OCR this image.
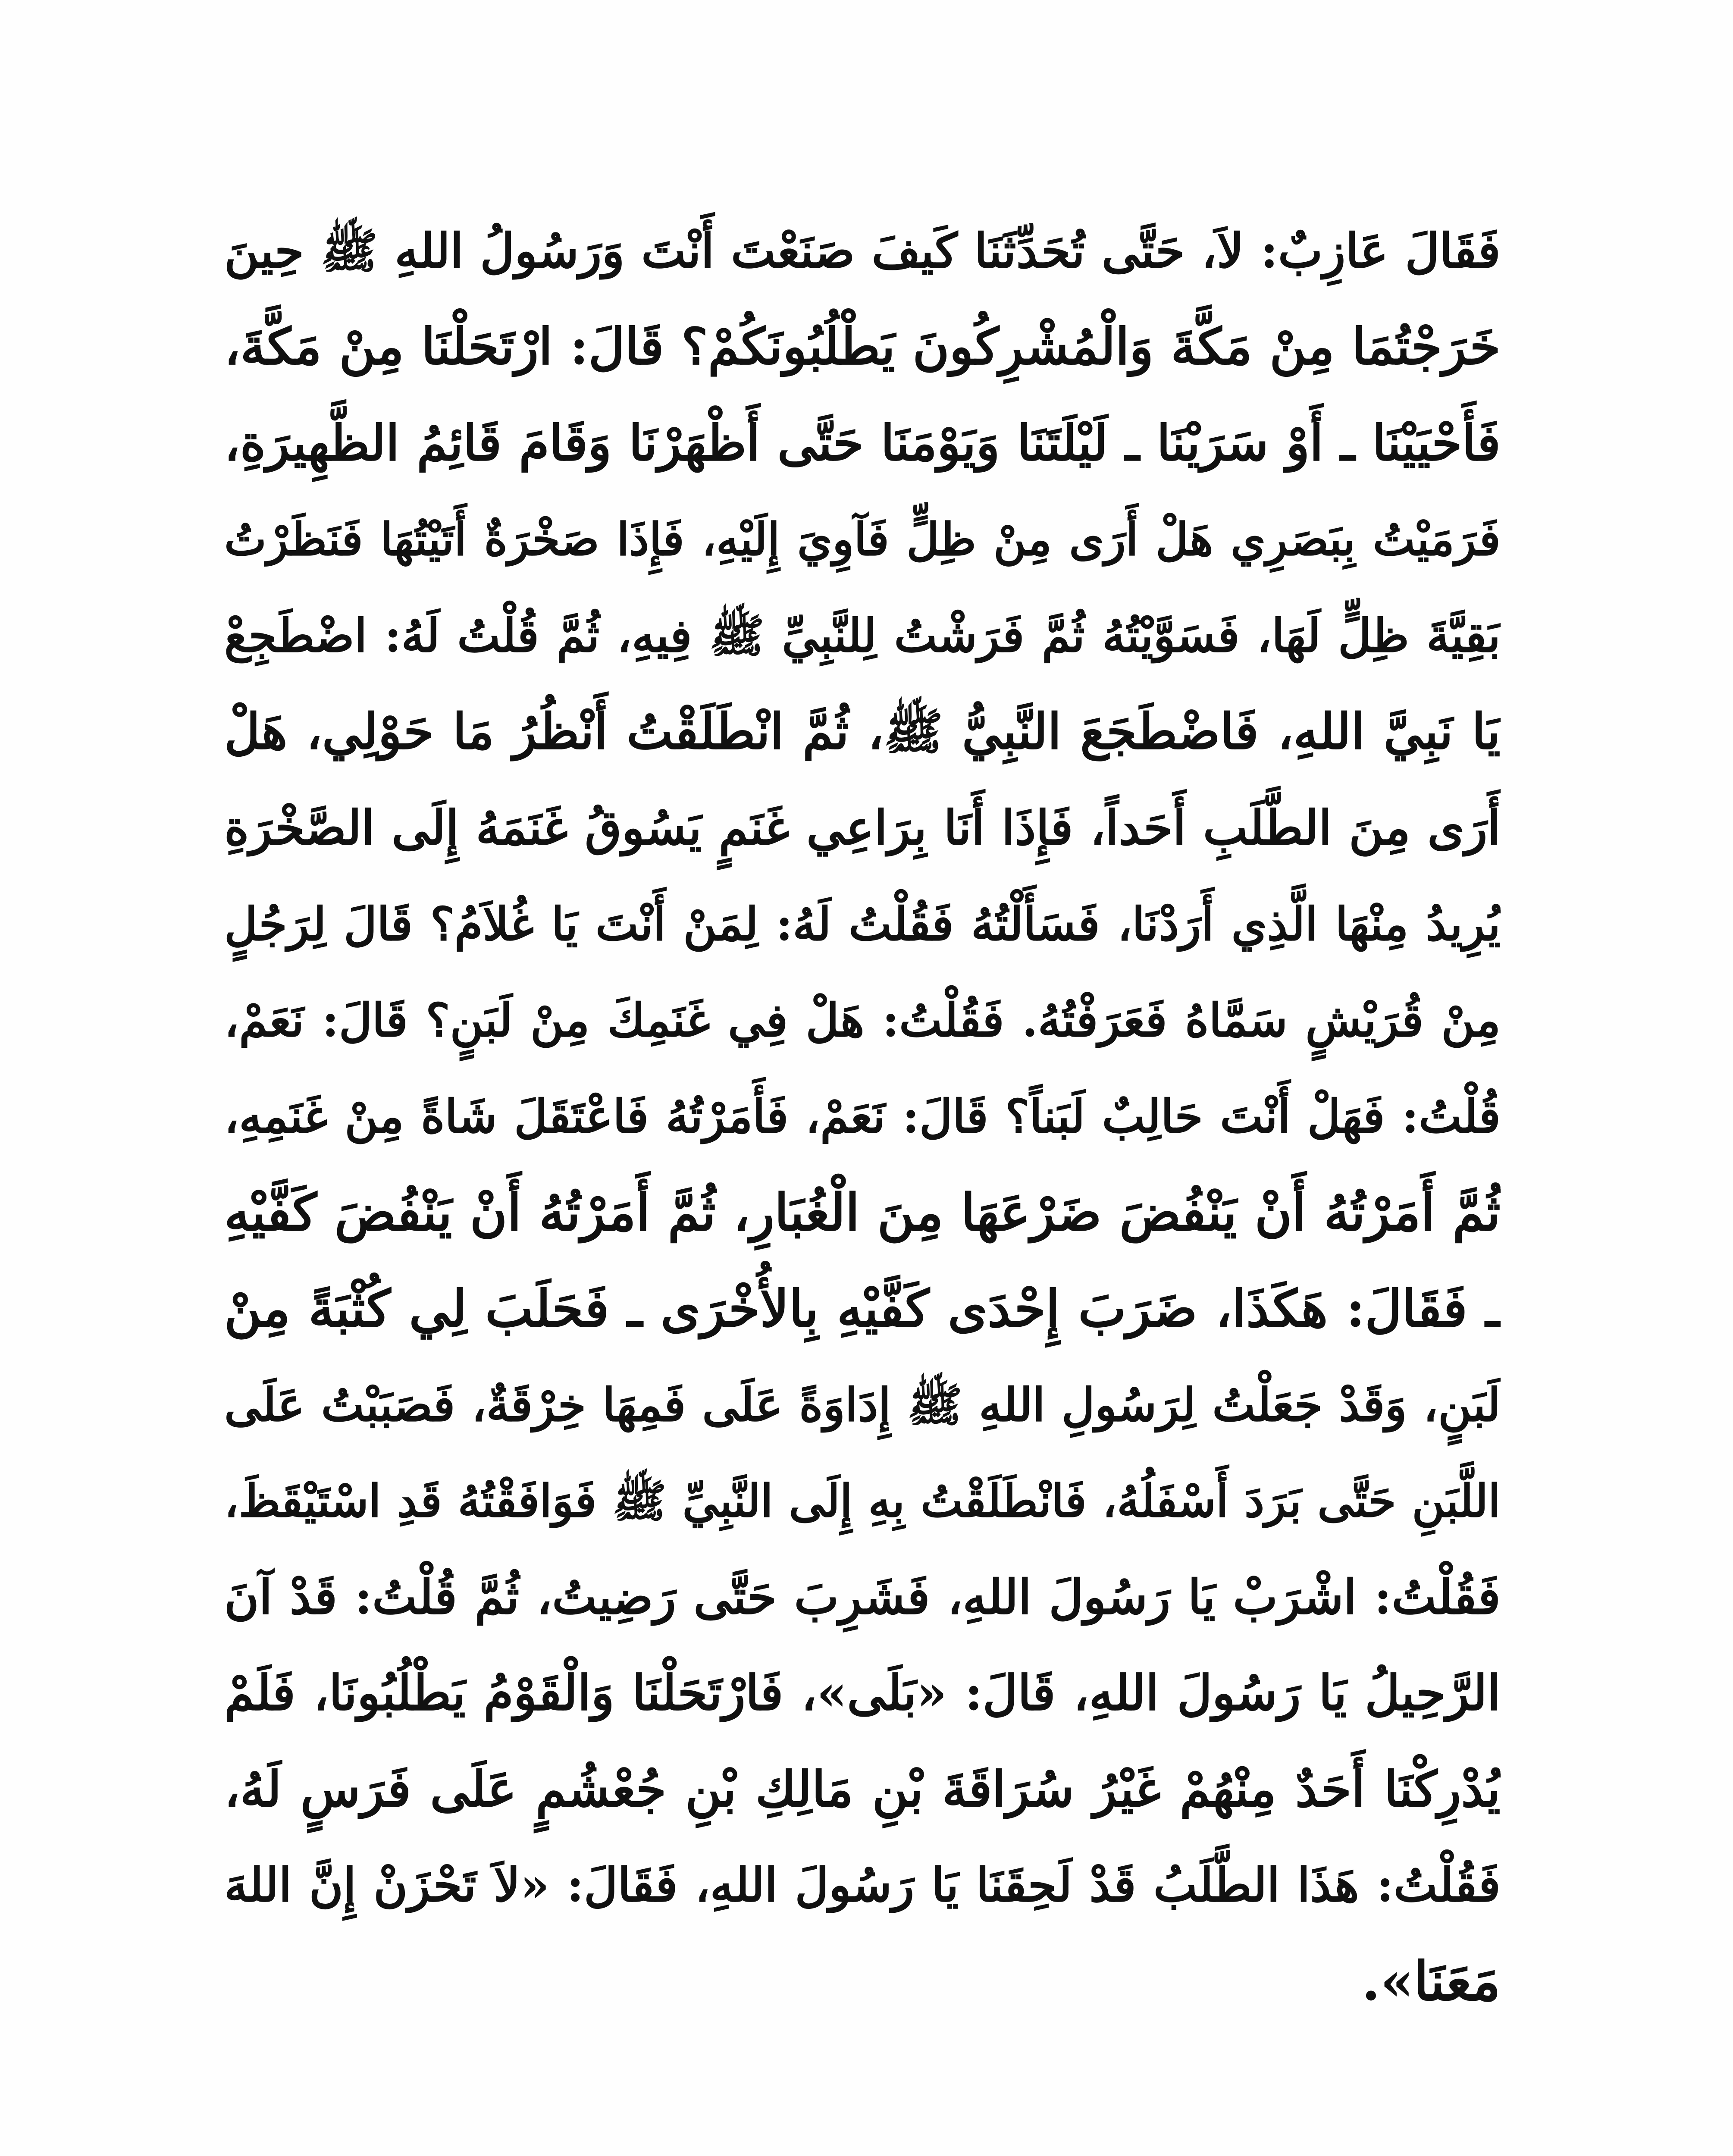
فَقَالَ عَازِبٌ: لاَ، حَتَّى تُحَدِّثَنَا كَيفَ صَنَعْتَ أَنْتَ وَرَسُولُ اللهِ ﷺ حِينَ
خَرَجْتُمَا مِنْ مَكَّةَ وَالْمُشْرِكُونَ يَطْلُبُونَكُمْ؟ قَالَ: ارْتَحَلْنَا مِنْ مَكَّةَ،
فَأَحْيَيْنَا ـ أَوْ سَرَيْنَا ـ لَيْلَتَنَا وَيَوْمَنَا حَتَّى أَظْهَرْنَا وَقَامَ قَائِمُ الظَّهِيرَةِ،
فَرَمَيْتُ بِبَصَرِي هَلْ أَرَى مِنْ ظِلٍّ فَآوِيَ إِلَيْهِ، فَإِذَا صَخْرَةٌ أَتَيْتُهَا فَنَظَرْتُ
بَقِيَّةَ ظِلٍّ لَهَا، فَسَوَّيْتُهُ ثُمَّ فَرَشْتُ لِلنَّبِيِّ ﷺ فِيهِ، ثُمَّ قُلْتُ لَهُ: اضْطَجِعْ
يَا نَبِيَّ اللهِ، فَاضْطَجَعَ النَّبِيُّ ﷺ، ثُمَّ انْطَلَقْتُ أَنْظُرُ مَا حَوْلِي، هَلْ
أَرَى مِنَ الطَّلَبِ أَحَداً، فَإِذَا أَنَا بِرَاعِي غَنَمٍ يَسُوقُ غَنَمَهُ إِلَى الصَّخْرَةِ
يُرِيدُ مِنْهَا الَّذِي أَرَدْنَا، فَسَأَلْتُهُ فَقُلْتُ لَهُ: لِمَنْ أَنْتَ يَا غُلاَمُ؟ قَالَ لِرَجُلٍ
مِنْ قُرَيْشٍ سَمَّاهُ فَعَرَفْتُهُ. فَقُلْتُ: هَلْ فِي غَنَمِكَ مِنْ لَبَنٍ؟ قَالَ: نَعَمْ،
قُلْتُ: فَهَلْ أَنْتَ حَالِبٌ لَبَناً؟ قَالَ: نَعَمْ، فَأَمَرْتُهُ فَاعْتَقَلَ شَاةً مِنْ غَنَمِهِ،
ثُمَّ أَمَرْتُهُ أَنْ يَنْفُضَ ضَرْعَهَا مِنَ الْغُبَارِ، ثُمَّ أَمَرْتُهُ أَنْ يَنْفُضَ كَفَّيْهِ
ـ فَقَالَ: هَكَذَا، ضَرَبَ إِحْدَى كَفَّيْهِ بِالأُخْرَى ـ فَحَلَبَ لِي كُثْبَةً مِنْ
لَبَنٍ، وَقَدْ جَعَلْتُ لِرَسُولِ اللهِ ﷺ إِدَاوَةً عَلَى فَمِهَا خِرْقَةٌ، فَصَبَبْتُ عَلَى
اللَّبَنِ حَتَّى بَرَدَ أَسْفَلُهُ، فَانْطَلَقْتُ بِهِ إِلَى النَّبِيِّ ﷺ فَوَافَقْتُهُ قَدِ اسْتَيْقَظَ،
فَقُلْتُ: اشْرَبْ يَا رَسُولَ اللهِ، فَشَرِبَ حَتَّى رَضِيتُ، ثُمَّ قُلْتُ: قَدْ آنَ
الرَّحِيلُ يَا رَسُولَ اللهِ، قَالَ: «بَلَى»، فَارْتَحَلْنَا وَالْقَوْمُ يَطْلُبُونَا، فَلَمْ
يُدْرِكْنَا أَحَدٌ مِنْهُمْ غَيْرُ سُرَاقَةَ بْنِ مَالِكِ بْنِ جُعْشُمٍ عَلَى فَرَسٍ لَهُ،
فَقُلْتُ: هَذَا الطَّلَبُ قَدْ لَحِقَنَا يَا رَسُولَ اللهِ، فَقَالَ: «لاَ تَحْزَنْ إِنَّ اللهَ
مَعَنَا».
